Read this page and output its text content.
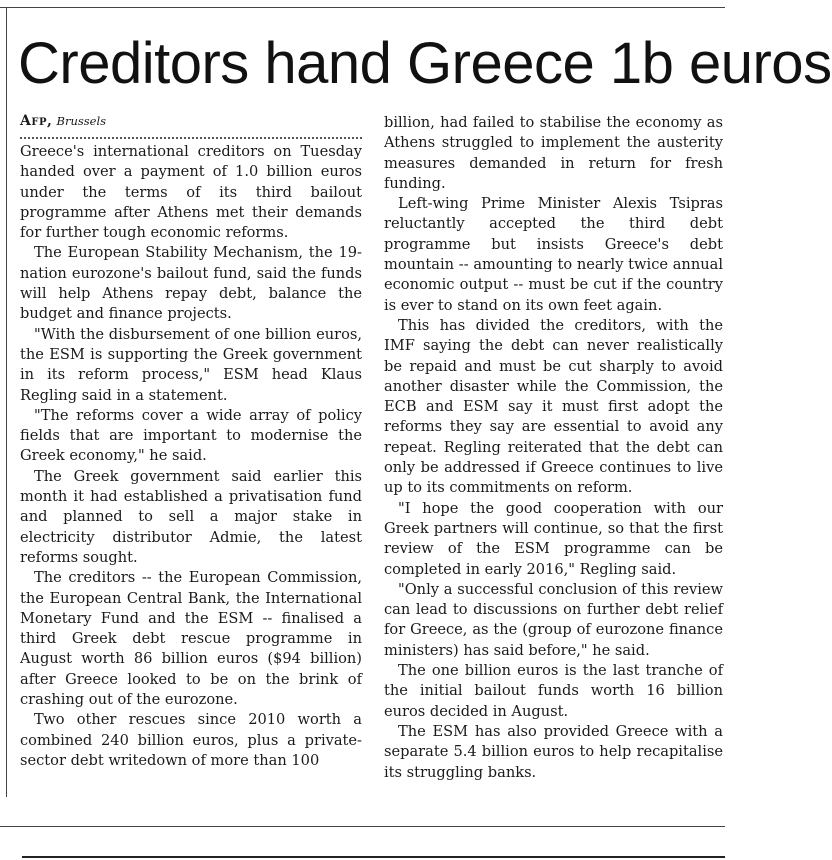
Creditors hand Greece 1b euros
Afp, Brussels

Greece's international creditors on Tuesday handed over a payment of 1.0 billion euros under the terms of its third bailout programme after Athens met their demands for further tough economic reforms.

The European Stability Mechanism, the 19-nation eurozone's bailout fund, said the funds will help Athens repay debt, balance the budget and finance projects.

"With the disbursement of one billion euros, the ESM is supporting the Greek government in its reform process," ESM head Klaus Regling said in a statement.

"The reforms cover a wide array of policy fields that are important to modernise the Greek economy," he said.

The Greek government said earlier this month it had established a privatisation fund and planned to sell a major stake in electricity distributor Admie, the latest reforms sought.

The creditors -- the European Commission, the European Central Bank, the International Monetary Fund and the ESM -- finalised a third Greek debt rescue programme in August worth 86 billion euros ($94 billion) after Greece looked to be on the brink of crashing out of the eurozone.

Two other rescues since 2010 worth a combined 240 billion euros, plus a private-sector debt writedown of more than 100

billion, had failed to stabilise the economy as Athens struggled to implement the austerity measures demanded in return for fresh funding.

Left-wing Prime Minister Alexis Tsipras reluctantly accepted the third debt programme but insists Greece's debt mountain -- amounting to nearly twice annual economic output -- must be cut if the country is ever to stand on its own feet again.

This has divided the creditors, with the IMF saying the debt can never realistically be repaid and must be cut sharply to avoid another disaster while the Commission, the ECB and ESM say it must first adopt the reforms they say are essential to avoid any repeat. Regling reiterated that the debt can only be addressed if Greece continues to live up to its commitments on reform.

"I hope the good cooperation with our Greek partners will continue, so that the first review of the ESM programme can be completed in early 2016," Regling said.

"Only a successful conclusion of this review can lead to discussions on further debt relief for Greece, as the (group of eurozone finance ministers) has said before," he said.

The one billion euros is the last tranche of the initial bailout funds worth 16 billion euros decided in August.

The ESM has also provided Greece with a separate 5.4 billion euros to help recapitalise its struggling banks.
